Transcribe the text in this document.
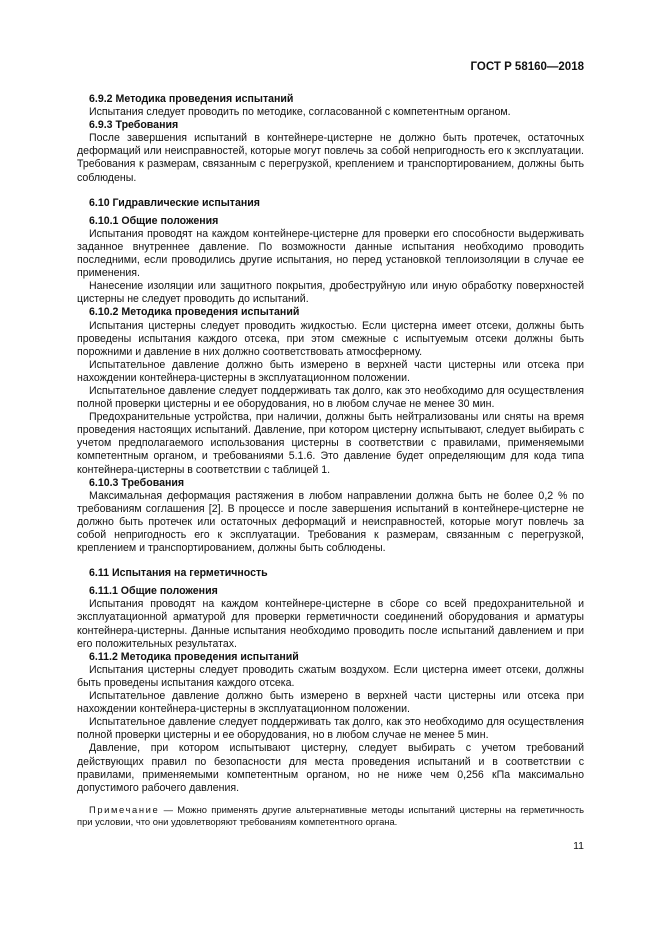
ГОСТ Р 58160—2018
6.9.2 Методика проведения испытаний

Испытания следует проводить по методике, согласованной с компетентным органом.

6.9.3 Требования

После завершения испытаний в контейнере-цистерне не должно быть протечек, остаточных деформаций или неисправностей, которые могут повлечь за собой непригодность его к эксплуатации. Требования к размерам, связанным с перегрузкой, креплением и транспортированием, должны быть соблюдены.

6.10 Гидравлические испытания
6.10.1 Общие положения

Испытания проводят на каждом контейнере-цистерне для проверки его способности выдерживать заданное внутреннее давление. По возможности данные испытания необходимо проводить последними, если проводились другие испытания, но перед установкой теплоизоляции в случае ее применения.

Нанесение изоляции или защитного покрытия, дробеструйную или иную обработку поверхностей цистерны не следует проводить до испытаний.

6.10.2 Методика проведения испытаний

Испытания цистерны следует проводить жидкостью. Если цистерна имеет отсеки, должны быть проведены испытания каждого отсека, при этом смежные с испытуемым отсеки должны быть порожними и давление в них должно соответствовать атмосферному.

Испытательное давление должно быть измерено в верхней части цистерны или отсека при нахождении контейнера-цистерны в эксплуатационном положении.

Испытательное давление следует поддерживать так долго, как это необходимо для осуществления полной проверки цистерны и ее оборудования, но в любом случае не менее 30 мин.

Предохранительные устройства, при наличии, должны быть нейтрализованы или сняты на время проведения настоящих испытаний. Давление, при котором цистерну испытывают, следует выбирать с учетом предполагаемого использования цистерны в соответствии с правилами, применяемыми компетентным органом, и требованиями 5.1.6. Это давление будет определяющим для кода типа контейнера-цистерны в соответствии с таблицей 1.

6.10.3 Требования

Максимальная деформация растяжения в любом направлении должна быть не более 0,2 % по требованиям соглашения [2]. В процессе и после завершения испытаний в контейнере-цистерне не должно быть протечек или остаточных деформаций и неисправностей, которые могут повлечь за собой непригодность его к эксплуатации. Требования к размерам, связанным с перегрузкой, креплением и транспортированием, должны быть соблюдены.

6.11 Испытания на герметичность
6.11.1 Общие положения

Испытания проводят на каждом контейнере-цистерне в сборе со всей предохранительной и эксплуатационной арматурой для проверки герметичности соединений оборудования и арматуры контейнера-цистерны. Данные испытания необходимо проводить после испытаний давлением и при его положительных результатах.

6.11.2 Методика проведения испытаний

Испытания цистерны следует проводить сжатым воздухом. Если цистерна имеет отсеки, должны быть проведены испытания каждого отсека.

Испытательное давление должно быть измерено в верхней части цистерны или отсека при нахождении контейнера-цистерны в эксплуатационном положении.

Испытательное давление следует поддерживать так долго, как это необходимо для осуществления полной проверки цистерны и ее оборудования, но в любом случае не менее 5 мин.

Давление, при котором испытывают цистерну, следует выбирать с учетом требований действующих правил по безопасности для места проведения испытаний и в соответствии с правилами, применяемыми компетентным органом, но не ниже чем 0,256 кПа максимально допустимого рабочего давления.

Примечание — Можно применять другие альтернативные методы испытаний цистерны на герметичность при условии, что они удовлетворяют требованиям компетентного органа.

11
